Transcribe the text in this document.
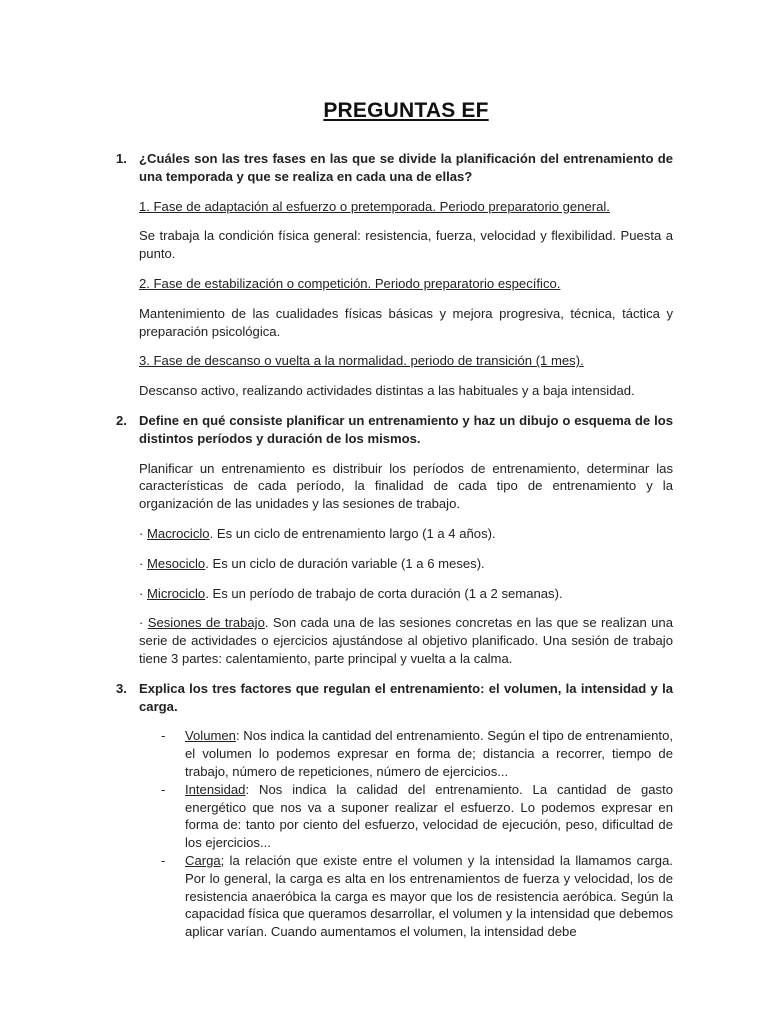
PREGUNTAS EF
1. ¿Cuáles son las tres fases en las que se divide la planificación del entrenamiento de una temporada y que se realiza en cada una de ellas?

1. Fase de adaptación al esfuerzo o pretemporada. Periodo preparatorio general.

Se trabaja la condición física general: resistencia, fuerza, velocidad y flexibilidad. Puesta a punto.

2. Fase de estabilización o competición. Periodo preparatorio específico.

Mantenimiento de las cualidades físicas básicas y mejora progresiva, técnica, táctica y preparación psicológica.

3. Fase de descanso o vuelta a la normalidad. periodo de transición (1 mes).

Descanso activo, realizando actividades distintas a las habituales y a baja intensidad.

2. Define en qué consiste planificar un entrenamiento y haz un dibujo o esquema de los distintos períodos y duración de los mismos.

Planificar un entrenamiento es distribuir los períodos de entrenamiento, determinar las características de cada período, la finalidad de cada tipo de entrenamiento y la organización de las unidades y las sesiones de trabajo.

· Macrociclo. Es un ciclo de entrenamiento largo (1 a 4 años).

· Mesociclo. Es un ciclo de duración variable (1 a 6 meses).

· Microciclo. Es un período de trabajo de corta duración (1 a 2 semanas).

· Sesiones de trabajo. Son cada una de las sesiones concretas en las que se realizan una serie de actividades o ejercicios ajustándose al objetivo planificado. Una sesión de trabajo tiene 3 partes: calentamiento, parte principal y vuelta a la calma.

3. Explica los tres factores que regulan el entrenamiento: el volumen, la intensidad y la carga.
- Volumen: Nos indica la cantidad del entrenamiento. Según el tipo de entrenamiento, el volumen lo podemos expresar en forma de; distancia a recorrer, tiempo de trabajo, número de repeticiones, número de ejercicios...
- Intensidad: Nos indica la calidad del entrenamiento. La cantidad de gasto energético que nos va a suponer realizar el esfuerzo. Lo podemos expresar en forma de: tanto por ciento del esfuerzo, velocidad de ejecución, peso, dificultad de los ejercicios...
- Carga; la relación que existe entre el volumen y la intensidad la llamamos carga. Por lo general, la carga es alta en los entrenamientos de fuerza y velocidad, los de resistencia anaeróbica la carga es mayor que los de resistencia aeróbica. Según la capacidad física que queramos desarrollar, el volumen y la intensidad que debemos aplicar varían. Cuando aumentamos el volumen, la intensidad debe
